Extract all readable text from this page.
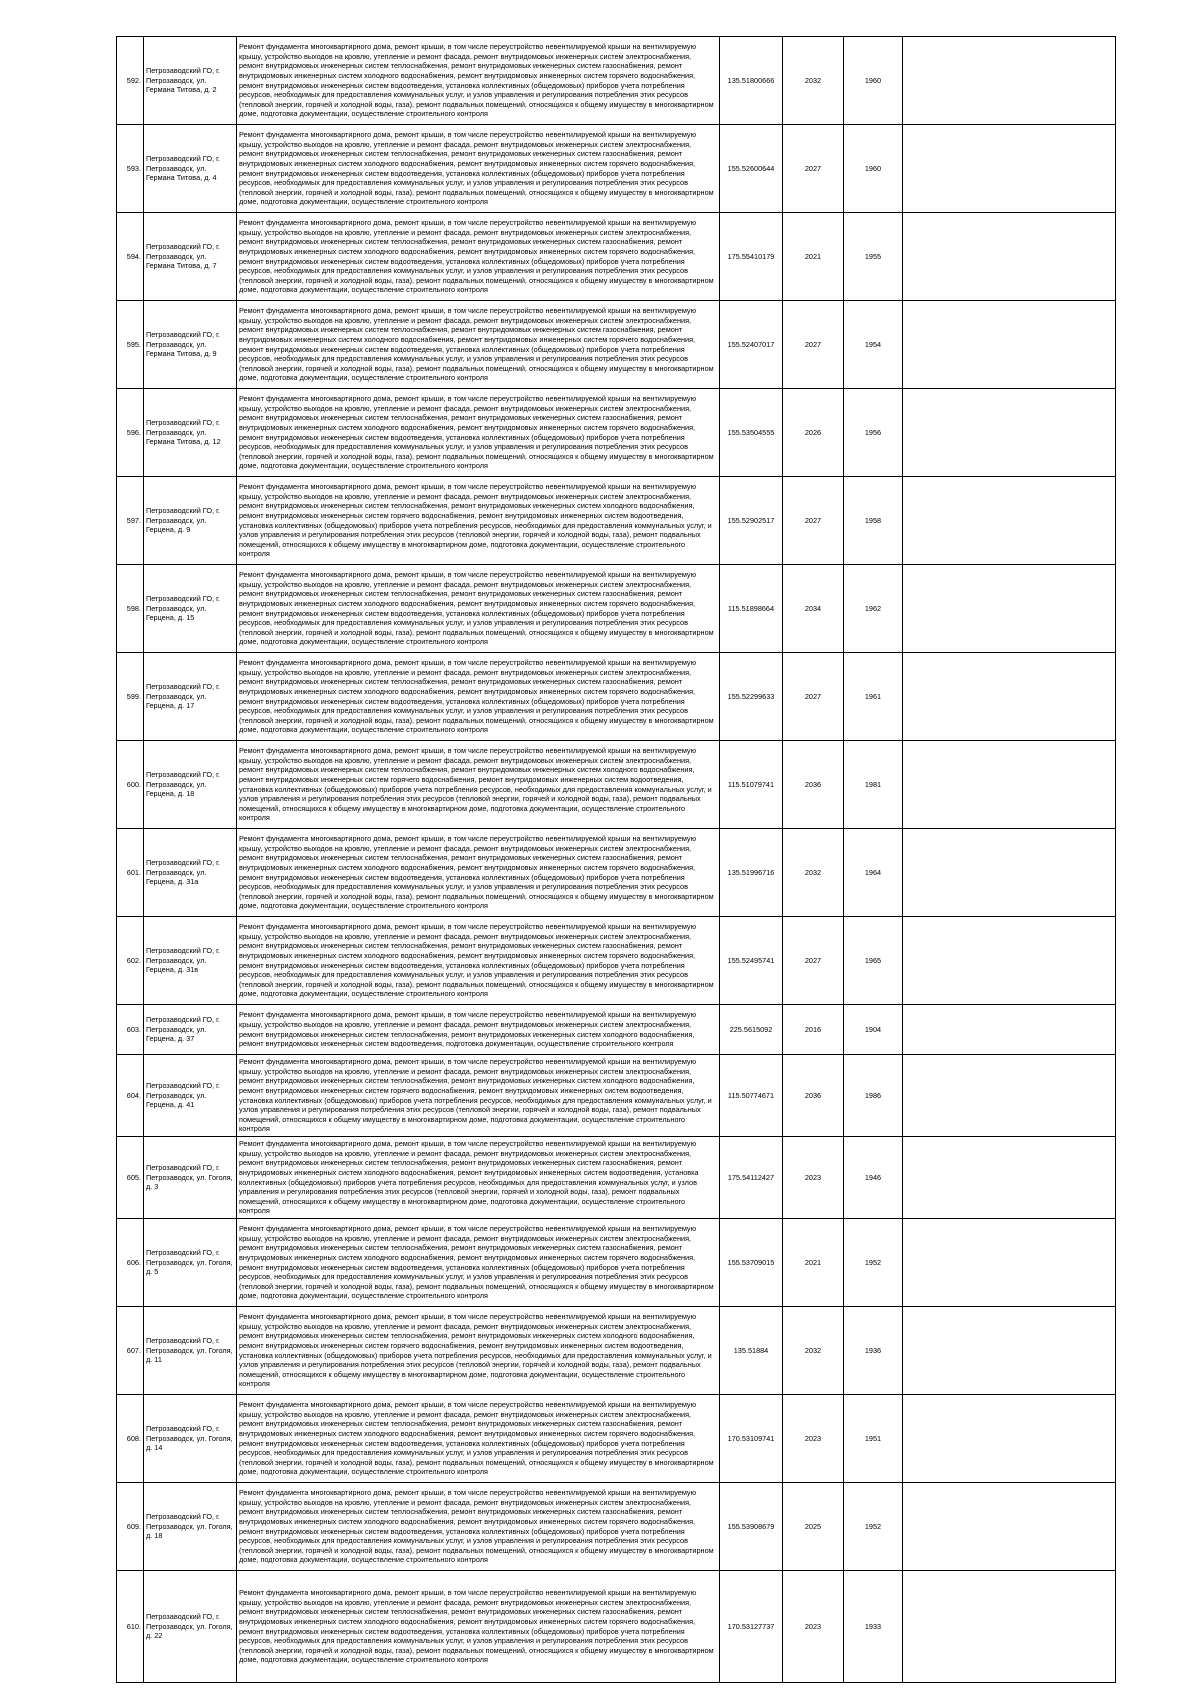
592.	Петрозаводский ГО, г. Петрозаводск, ул. Германа Титова, д. 2	Ремонт фундамента многоквартирного дома, ремонт крыши, в том числе переустройство невентилируемой крыши на вентилируемую крышу, устройство выходов на кровлю, утепление и ремонт фасада, ремонт внутридомовых инженерных систем электроснабжения, ремонт внутридомовых инженерных систем теплоснабжения, ремонт внутридомовых инженерных систем газоснабжения, ремонт внутридомовых инженерных систем холодного водоснабжения, ремонт внутридомовых инженерных систем горячего водоснабжения, ремонт внутридомовых инженерных систем водоотведения, установка коллективных (общедомовых) приборов учета потребления ресурсов, необходимых для предоставления коммунальных услуг, и узлов управления и регулирования потребления этих ресурсов (тепловой энергии, горячей и холодной воды, газа), ремонт подвальных помещений, относящихся к общему имуществу в многоквартирном доме, подготовка документации, осуществление строительного контроля	135.51800666	2032	1960	
593.	Петрозаводский ГО, г. Петрозаводск, ул. Германа Титова, д. 4	Ремонт фундамента многоквартирного дома, ремонт крыши, в том числе переустройство невентилируемой крыши на вентилируемую крышу, устройство выходов на кровлю, утепление и ремонт фасада, ремонт внутридомовых инженерных систем электроснабжения, ремонт внутридомовых инженерных систем теплоснабжения, ремонт внутридомовых инженерных систем газоснабжения, ремонт внутридомовых инженерных систем холодного водоснабжения, ремонт внутридомовых инженерных систем горячего водоснабжения, ремонт внутридомовых инженерных систем водоотведения, установка коллективных (общедомовых) приборов учета потребления ресурсов, необходимых для предоставления коммунальных услуг, и узлов управления и регулирования потребления этих ресурсов (тепловой энергии, горячей и холодной воды, газа), ремонт подвальных помещений, относящихся к общему имуществу в многоквартирном доме, подготовка документации, осуществление строительного контроля	155.52600644	2027	1960	
594.	Петрозаводский ГО, г. Петрозаводск, ул. Германа Титова, д. 7	Ремонт фундамента многоквартирного дома, ремонт крыши, в том числе переустройство невентилируемой крыши на вентилируемую крышу, устройство выходов на кровлю, утепление и ремонт фасада, ремонт внутридомовых инженерных систем электроснабжения, ремонт внутридомовых инженерных систем теплоснабжения, ремонт внутридомовых инженерных систем газоснабжения, ремонт внутридомовых инженерных систем холодного водоснабжения, ремонт внутридомовых инженерных систем горячего водоснабжения, ремонт внутридомовых инженерных систем водоотведения, установка коллективных (общедомовых) приборов учета потребления ресурсов, необходимых для предоставления коммунальных услуг, и узлов управления и регулирования потребления этих ресурсов (тепловой энергии, горячей и холодной воды, газа), ремонт подвальных помещений, относящихся к общему имуществу в многоквартирном доме, подготовка документации, осуществление строительного контроля	175.55410179	2021	1955	
595.	Петрозаводский ГО, г. Петрозаводск, ул. Германа Титова, д. 9	Ремонт фундамента многоквартирного дома, ремонт крыши, в том числе переустройство невентилируемой крыши на вентилируемую крышу, устройство выходов на кровлю, утепление и ремонт фасада, ремонт внутридомовых инженерных систем электроснабжения, ремонт внутридомовых инженерных систем теплоснабжения, ремонт внутридомовых инженерных систем газоснабжения, ремонт внутридомовых инженерных систем холодного водоснабжения, ремонт внутридомовых инженерных систем горячего водоснабжения, ремонт внутридомовых инженерных систем водоотведения, установка коллективных (общедомовых) приборов учета потребления ресурсов, необходимых для предоставления коммунальных услуг, и узлов управления и регулирования потребления этих ресурсов (тепловой энергии, горячей и холодной воды, газа), ремонт подвальных помещений, относящихся к общему имуществу в многоквартирном доме, подготовка документации, осуществление строительного контроля	155.52407017	2027	1954	
596.	Петрозаводский ГО, г. Петрозаводск, ул. Германа Титова, д. 12	Ремонт фундамента многоквартирного дома, ремонт крыши, в том числе переустройство невентилируемой крыши на вентилируемую крышу, устройство выходов на кровлю, утепление и ремонт фасада, ремонт внутридомовых инженерных систем электроснабжения, ремонт внутридомовых инженерных систем теплоснабжения, ремонт внутридомовых инженерных систем газоснабжения, ремонт внутридомовых инженерных систем холодного водоснабжения, ремонт внутридомовых инженерных систем горячего водоснабжения, ремонт внутридомовых инженерных систем водоотведения, установка коллективных (общедомовых) приборов учета потребления ресурсов, необходимых для предоставления коммунальных услуг, и узлов управления и регулирования потребления этих ресурсов (тепловой энергии, горячей и холодной воды, газа), ремонт подвальных помещений, относящихся к общему имуществу в многоквартирном доме, подготовка документации, осуществление строительного контроля	155.53504555	2026	1956	
597.	Петрозаводский ГО, г. Петрозаводск, ул. Герцена, д. 9	Ремонт фундамента многоквартирного дома, ремонт крыши, в том числе переустройство невентилируемой крыши на вентилируемую крышу, устройство выходов на кровлю, утепление и ремонт фасада, ремонт внутридомовых инженерных систем электроснабжения, ремонт внутридомовых инженерных систем теплоснабжения, ремонт внутридомовых инженерных систем холодного водоснабжения, ремонт внутридомовых инженерных систем горячего водоснабжения, ремонт внутридомовых инженерных систем водоотведения, установка коллективных (общедомовых) приборов учета потребления ресурсов, необходимых для предоставления коммунальных услуг, и узлов управления и регулирования потребления этих ресурсов (тепловой энергии, горячей и холодной воды, газа), ремонт подвальных помещений, относящихся к общему имуществу в многоквартирном доме, подготовка документации, осуществление строительного контроля	155.52902517	2027	1958	
598.	Петрозаводский ГО, г. Петрозаводск, ул. Герцена, д. 15	Ремонт фундамента многоквартирного дома, ремонт крыши, в том числе переустройство невентилируемой крыши на вентилируемую крышу, устройство выходов на кровлю, утепление и ремонт фасада, ремонт внутридомовых инженерных систем электроснабжения, ремонт внутридомовых инженерных систем теплоснабжения, ремонт внутридомовых инженерных систем газоснабжения, ремонт внутридомовых инженерных систем холодного водоснабжения, ремонт внутридомовых инженерных систем горячего водоснабжения, ремонт внутридомовых инженерных систем водоотведения, установка коллективных (общедомовых) приборов учета потребления ресурсов, необходимых для предоставления коммунальных услуг, и узлов управления и регулирования потребления этих ресурсов (тепловой энергии, горячей и холодной воды, газа), ремонт подвальных помещений, относящихся к общему имуществу в многоквартирном доме, подготовка документации, осуществление строительного контроля	115.51898664	2034	1962	
599.	Петрозаводский ГО, г. Петрозаводск, ул. Герцена, д. 17	Ремонт фундамента многоквартирного дома, ремонт крыши, в том числе переустройство невентилируемой крыши на вентилируемую крышу, устройство выходов на кровлю, утепление и ремонт фасада, ремонт внутридомовых инженерных систем электроснабжения, ремонт внутридомовых инженерных систем теплоснабжения, ремонт внутридомовых инженерных систем газоснабжения, ремонт внутридомовых инженерных систем холодного водоснабжения, ремонт внутридомовых инженерных систем горячего водоснабжения, ремонт внутридомовых инженерных систем водоотведения, установка коллективных (общедомовых) приборов учета потребления ресурсов, необходимых для предоставления коммунальных услуг, и узлов управления и регулирования потребления этих ресурсов (тепловой энергии, горячей и холодной воды, газа), ремонт подвальных помещений, относящихся к общему имуществу в многоквартирном доме, подготовка документации, осуществление строительного контроля	155.52299633	2027	1961	
600.	Петрозаводский ГО, г. Петрозаводск, ул. Герцена, д. 18	Ремонт фундамента многоквартирного дома, ремонт крыши, в том числе переустройство невентилируемой крыши на вентилируемую крышу, устройство выходов на кровлю, утепление и ремонт фасада, ремонт внутридомовых инженерных систем электроснабжения, ремонт внутридомовых инженерных систем теплоснабжения, ремонт внутридомовых инженерных систем холодного водоснабжения, ремонт внутридомовых инженерных систем горячего водоснабжения, ремонт внутридомовых инженерных систем водоотведения, установка коллективных (общедомовых) приборов учета потребления ресурсов, необходимых для предоставления коммунальных услуг, и узлов управления и регулирования потребления этих ресурсов (тепловой энергии, горячей и холодной воды, газа), ремонт подвальных помещений, относящихся к общему имуществу в многоквартирном доме, подготовка документации, осуществление строительного контроля	115.51079741	2036	1981	
601.	Петрозаводский ГО, г. Петрозаводск, ул. Герцена, д. 31а	Ремонт фундамента многоквартирного дома, ремонт крыши, в том числе переустройство невентилируемой крыши на вентилируемую крышу, устройство выходов на кровлю, утепление и ремонт фасада, ремонт внутридомовых инженерных систем электроснабжения, ремонт внутридомовых инженерных систем теплоснабжения, ремонт внутридомовых инженерных систем газоснабжения, ремонт внутридомовых инженерных систем холодного водоснабжения, ремонт внутридомовых инженерных систем горячего водоснабжения, ремонт внутридомовых инженерных систем водоотведения, установка коллективных (общедомовых) приборов учета потребления ресурсов, необходимых для предоставления коммунальных услуг, и узлов управления и регулирования потребления этих ресурсов (тепловой энергии, горячей и холодной воды, газа), ремонт подвальных помещений, относящихся к общему имуществу в многоквартирном доме, подготовка документации, осуществление строительного контроля	135.51996716	2032	1964	
602.	Петрозаводский ГО, г. Петрозаводск, ул. Герцена, д. 31в	Ремонт фундамента многоквартирного дома, ремонт крыши, в том числе переустройство невентилируемой крыши на вентилируемую крышу, устройство выходов на кровлю, утепление и ремонт фасада, ремонт внутридомовых инженерных систем электроснабжения, ремонт внутридомовых инженерных систем теплоснабжения, ремонт внутридомовых инженерных систем газоснабжения, ремонт внутридомовых инженерных систем холодного водоснабжения, ремонт внутридомовых инженерных систем горячего водоснабжения, ремонт внутридомовых инженерных систем водоотведения, установка коллективных (общедомовых) приборов учета потребления ресурсов, необходимых для предоставления коммунальных услуг, и узлов управления и регулирования потребления этих ресурсов (тепловой энергии, горячей и холодной воды, газа), ремонт подвальных помещений, относящихся к общему имуществу в многоквартирном доме, подготовка документации, осуществление строительного контроля	155.52495741	2027	1965	
603.	Петрозаводский ГО, г. Петрозаводск, ул. Герцена, д. 37	Ремонт фундамента многоквартирного дома, ремонт крыши, в том числе переустройство невентилируемой крыши на вентилируемую крышу, устройство выходов на кровлю, утепление и ремонт фасада, ремонт внутридомовых инженерных систем электроснабжения, ремонт внутридомовых инженерных систем теплоснабжения, ремонт внутридомовых инженерных систем холодного водоснабжения, ремонт внутридомовых инженерных систем водоотведения, подготовка документации, осуществление строительного контроля	225.5615092	2016	1904	
604.	Петрозаводский ГО, г. Петрозаводск, ул. Герцена, д. 41	Ремонт фундамента многоквартирного дома, ремонт крыши, в том числе переустройство невентилируемой крыши на вентилируемую крышу, устройство выходов на кровлю, утепление и ремонт фасада, ремонт внутридомовых инженерных систем электроснабжения, ремонт внутридомовых инженерных систем теплоснабжения, ремонт внутридомовых инженерных систем холодного водоснабжения, ремонт внутридомовых инженерных систем горячего водоснабжения, ремонт внутридомовых инженерных систем водоотведения, установка коллективных (общедомовых) приборов учета потребления ресурсов, необходимых для предоставления коммунальных услуг, и узлов управления и регулирования потребления этих ресурсов (тепловой энергии, горячей и холодной воды, газа), ремонт подвальных помещений, относящихся к общему имуществу в многоквартирном доме, подготовка документации, осуществление строительного контроля	115.50774671	2036	1986	
605.	Петрозаводский ГО, г. Петрозаводск, ул. Гоголя, д. 3	Ремонт фундамента многоквартирного дома, ремонт крыши, в том числе переустройство невентилируемой крыши на вентилируемую крышу, устройство выходов на кровлю, утепление и ремонт фасада, ремонт внутридомовых инженерных систем электроснабжения, ремонт внутридомовых инженерных систем теплоснабжения, ремонт внутридомовых инженерных систем газоснабжения, ремонт внутридомовых инженерных систем холодного водоснабжения, ремонт внутридомовых инженерных систем водоотведения, установка коллективных (общедомовых) приборов учета потребления ресурсов, необходимых для предоставления коммунальных услуг, и узлов управления и регулирования потребления этих ресурсов (тепловой энергии, горячей и холодной воды, газа), ремонт подвальных помещений, относящихся к общему имуществу в многоквартирном доме, подготовка документации, осуществление строительного контроля	175.54112427	2023	1946	
606.	Петрозаводский ГО, г. Петрозаводск, ул. Гоголя, д. 5	Ремонт фундамента многоквартирного дома, ремонт крыши, в том числе переустройство невентилируемой крыши на вентилируемую крышу, устройство выходов на кровлю, утепление и ремонт фасада, ремонт внутридомовых инженерных систем электроснабжения, ремонт внутридомовых инженерных систем теплоснабжения, ремонт внутридомовых инженерных систем газоснабжения, ремонт внутридомовых инженерных систем холодного водоснабжения, ремонт внутридомовых инженерных систем горячего водоснабжения, ремонт внутридомовых инженерных систем водоотведения, установка коллективных (общедомовых) приборов учета потребления ресурсов, необходимых для предоставления коммунальных услуг, и узлов управления и регулирования потребления этих ресурсов (тепловой энергии, горячей и холодной воды, газа), ремонт подвальных помещений, относящихся к общему имуществу в многоквартирном доме, подготовка документации, осуществление строительного контроля	155.53709015	2021	1952	
607.	Петрозаводский ГО, г. Петрозаводск, ул. Гоголя, д. 11	Ремонт фундамента многоквартирного дома, ремонт крыши, в том числе переустройство невентилируемой крыши на вентилируемую крышу, устройство выходов на кровлю, утепление и ремонт фасада, ремонт внутридомовых инженерных систем электроснабжения, ремонт внутридомовых инженерных систем теплоснабжения, ремонт внутридомовых инженерных систем холодного водоснабжения, ремонт внутридомовых инженерных систем горячего водоснабжения, ремонт внутридомовых инженерных систем водоотведения, установка коллективных (общедомовых) приборов учета потребления ресурсов, необходимых для предоставления коммунальных услуг, и узлов управления и регулирования потребления этих ресурсов (тепловой энергии, горячей и холодной воды, газа), ремонт подвальных помещений, относящихся к общему имуществу в многоквартирном доме, подготовка документации, осуществление строительного контроля	135.51884	2032	1936	
608.	Петрозаводский ГО, г. Петрозаводск, ул. Гоголя, д. 14	Ремонт фундамента многоквартирного дома, ремонт крыши, в том числе переустройство невентилируемой крыши на вентилируемую крышу, устройство выходов на кровлю, утепление и ремонт фасада, ремонт внутридомовых инженерных систем электроснабжения, ремонт внутридомовых инженерных систем теплоснабжения, ремонт внутридомовых инженерных систем газоснабжения, ремонт внутридомовых инженерных систем холодного водоснабжения, ремонт внутридомовых инженерных систем горячего водоснабжения, ремонт внутридомовых инженерных систем водоотведения, установка коллективных (общедомовых) приборов учета потребления ресурсов, необходимых для предоставления коммунальных услуг, и узлов управления и регулирования потребления этих ресурсов (тепловой энергии, горячей и холодной воды, газа), ремонт подвальных помещений, относящихся к общему имуществу в многоквартирном доме, подготовка документации, осуществление строительного контроля	170.53109741	2023	1951	
609.	Петрозаводский ГО, г. Петрозаводск, ул. Гоголя, д. 18	Ремонт фундамента многоквартирного дома, ремонт крыши, в том числе переустройство невентилируемой крыши на вентилируемую крышу, устройство выходов на кровлю, утепление и ремонт фасада, ремонт внутридомовых инженерных систем электроснабжения, ремонт внутридомовых инженерных систем теплоснабжения, ремонт внутридомовых инженерных систем газоснабжения, ремонт внутридомовых инженерных систем холодного водоснабжения, ремонт внутридомовых инженерных систем горячего водоснабжения, ремонт внутридомовых инженерных систем водоотведения, установка коллективных (общедомовых) приборов учета потребления ресурсов, необходимых для предоставления коммунальных услуг, и узлов управления и регулирования потребления этих ресурсов (тепловой энергии, горячей и холодной воды, газа), ремонт подвальных помещений, относящихся к общему имуществу в многоквартирном доме, подготовка документации, осуществление строительного контроля	155.53908679	2025	1952	
610.	Петрозаводский ГО, г. Петрозаводск, ул. Гоголя, д. 22	Ремонт фундамента многоквартирного дома, ремонт крыши, в том числе переустройство невентилируемой крыши на вентилируемую крышу, устройство выходов на кровлю, утепление и ремонт фасада, ремонт внутридомовых инженерных систем электроснабжения, ремонт внутридомовых инженерных систем теплоснабжения, ремонт внутридомовых инженерных систем газоснабжения, ремонт внутридомовых инженерных систем холодного водоснабжения, ремонт внутридомовых инженерных систем горячего водоснабжения, ремонт внутридомовых инженерных систем водоотведения, установка коллективных (общедомовых) приборов учета потребления ресурсов, необходимых для предоставления коммунальных услуг, и узлов управления и регулирования потребления этих ресурсов (тепловой энергии, горячей и холодной воды, газа), ремонт подвальных помещений, относящихся к общему имуществу в многоквартирном доме, подготовка документации, осуществление строительного контроля	170.53127737	2023	1933	
